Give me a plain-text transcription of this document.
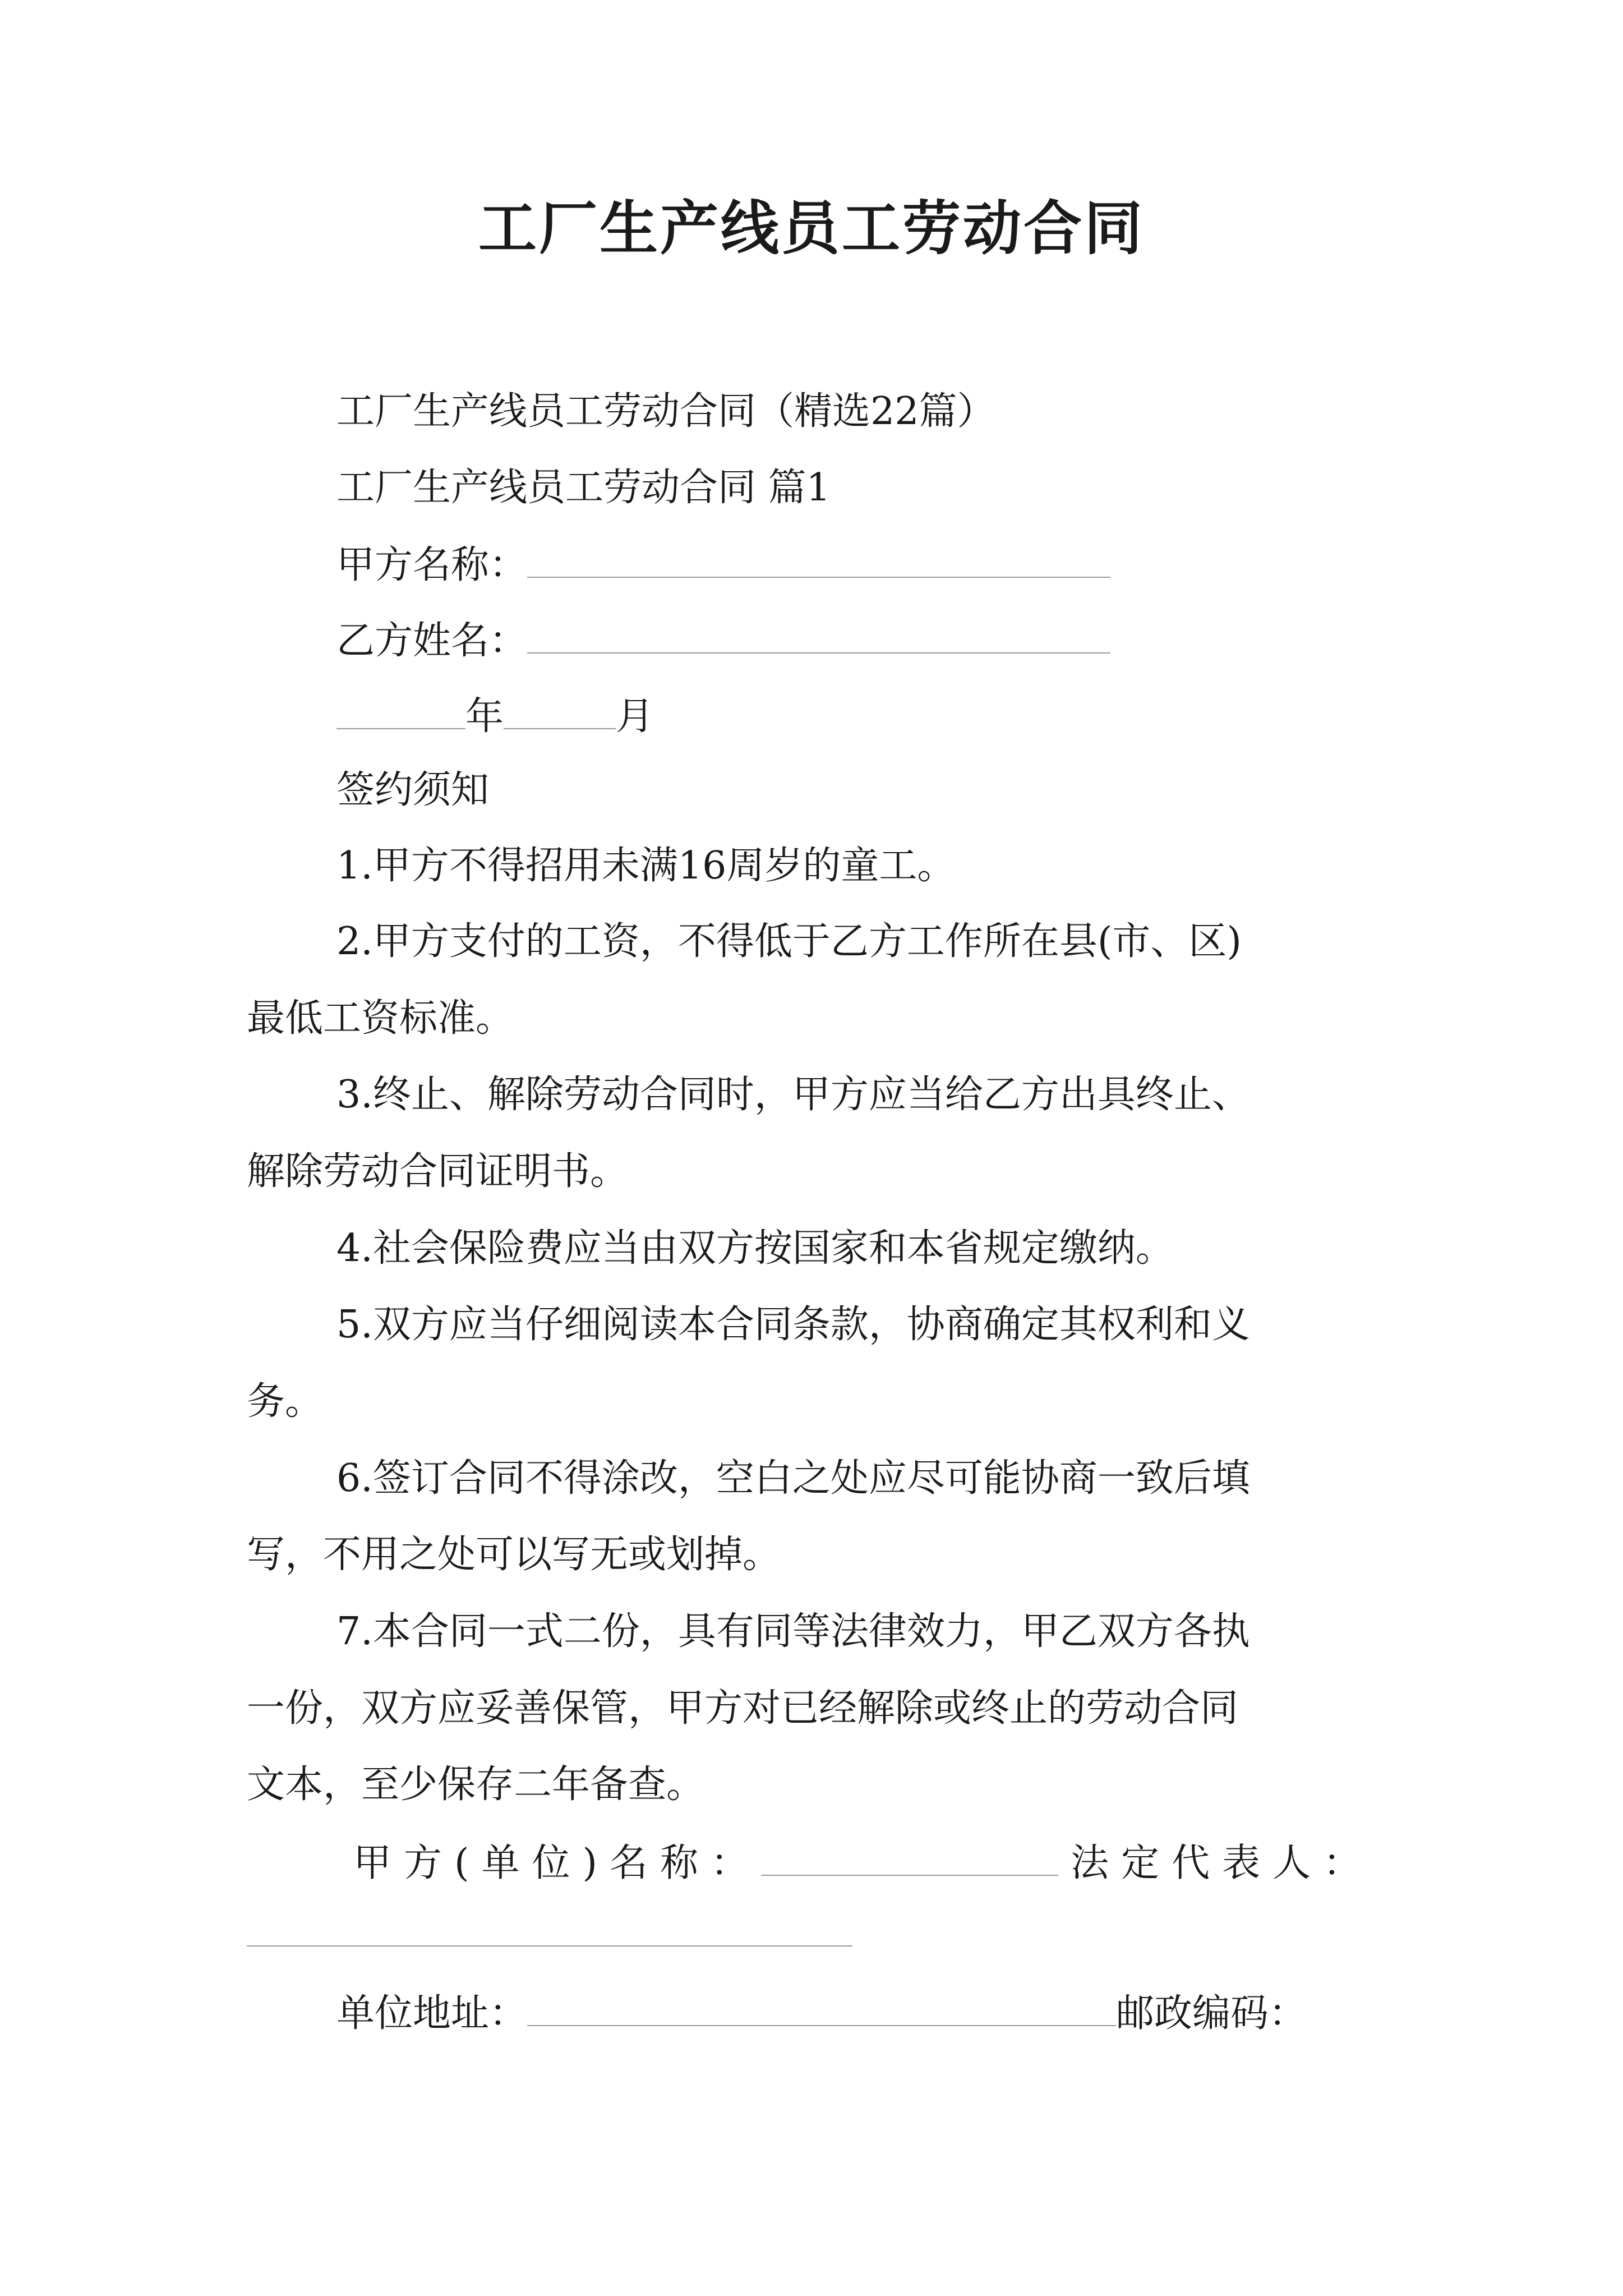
工厂生产线员工劳动合同
工厂生产线员工劳动合同（精选22篇）
工厂生产线员工劳动合同 篇1
甲方名称：
乙方姓名：
年	月
签约须知
1.甲方不得招用未满16周岁的童工。
2.甲方支付的工资，不得低于乙方工作所在县(市、区)
最低工资标准。
3.终止、解除劳动合同时，甲方应当给乙方出具终止、
解除劳动合同证明书。
4.社会保险费应当由双方按国家和本省规定缴纳。
5.双方应当仔细阅读本合同条款，协商确定其权利和义
务。
6.签订合同不得涂改，空白之处应尽可能协商一致后填
写，不用之处可以写无或划掉。
7.本合同一式二份，具有同等法律效力，甲乙双方各执
一份，双方应妥善保管，甲方对已经解除或终止的劳动合同
文本，至少保存二年备查。
甲方(单位)名称：	法定代表人：
单位地址：	邮政编码：
